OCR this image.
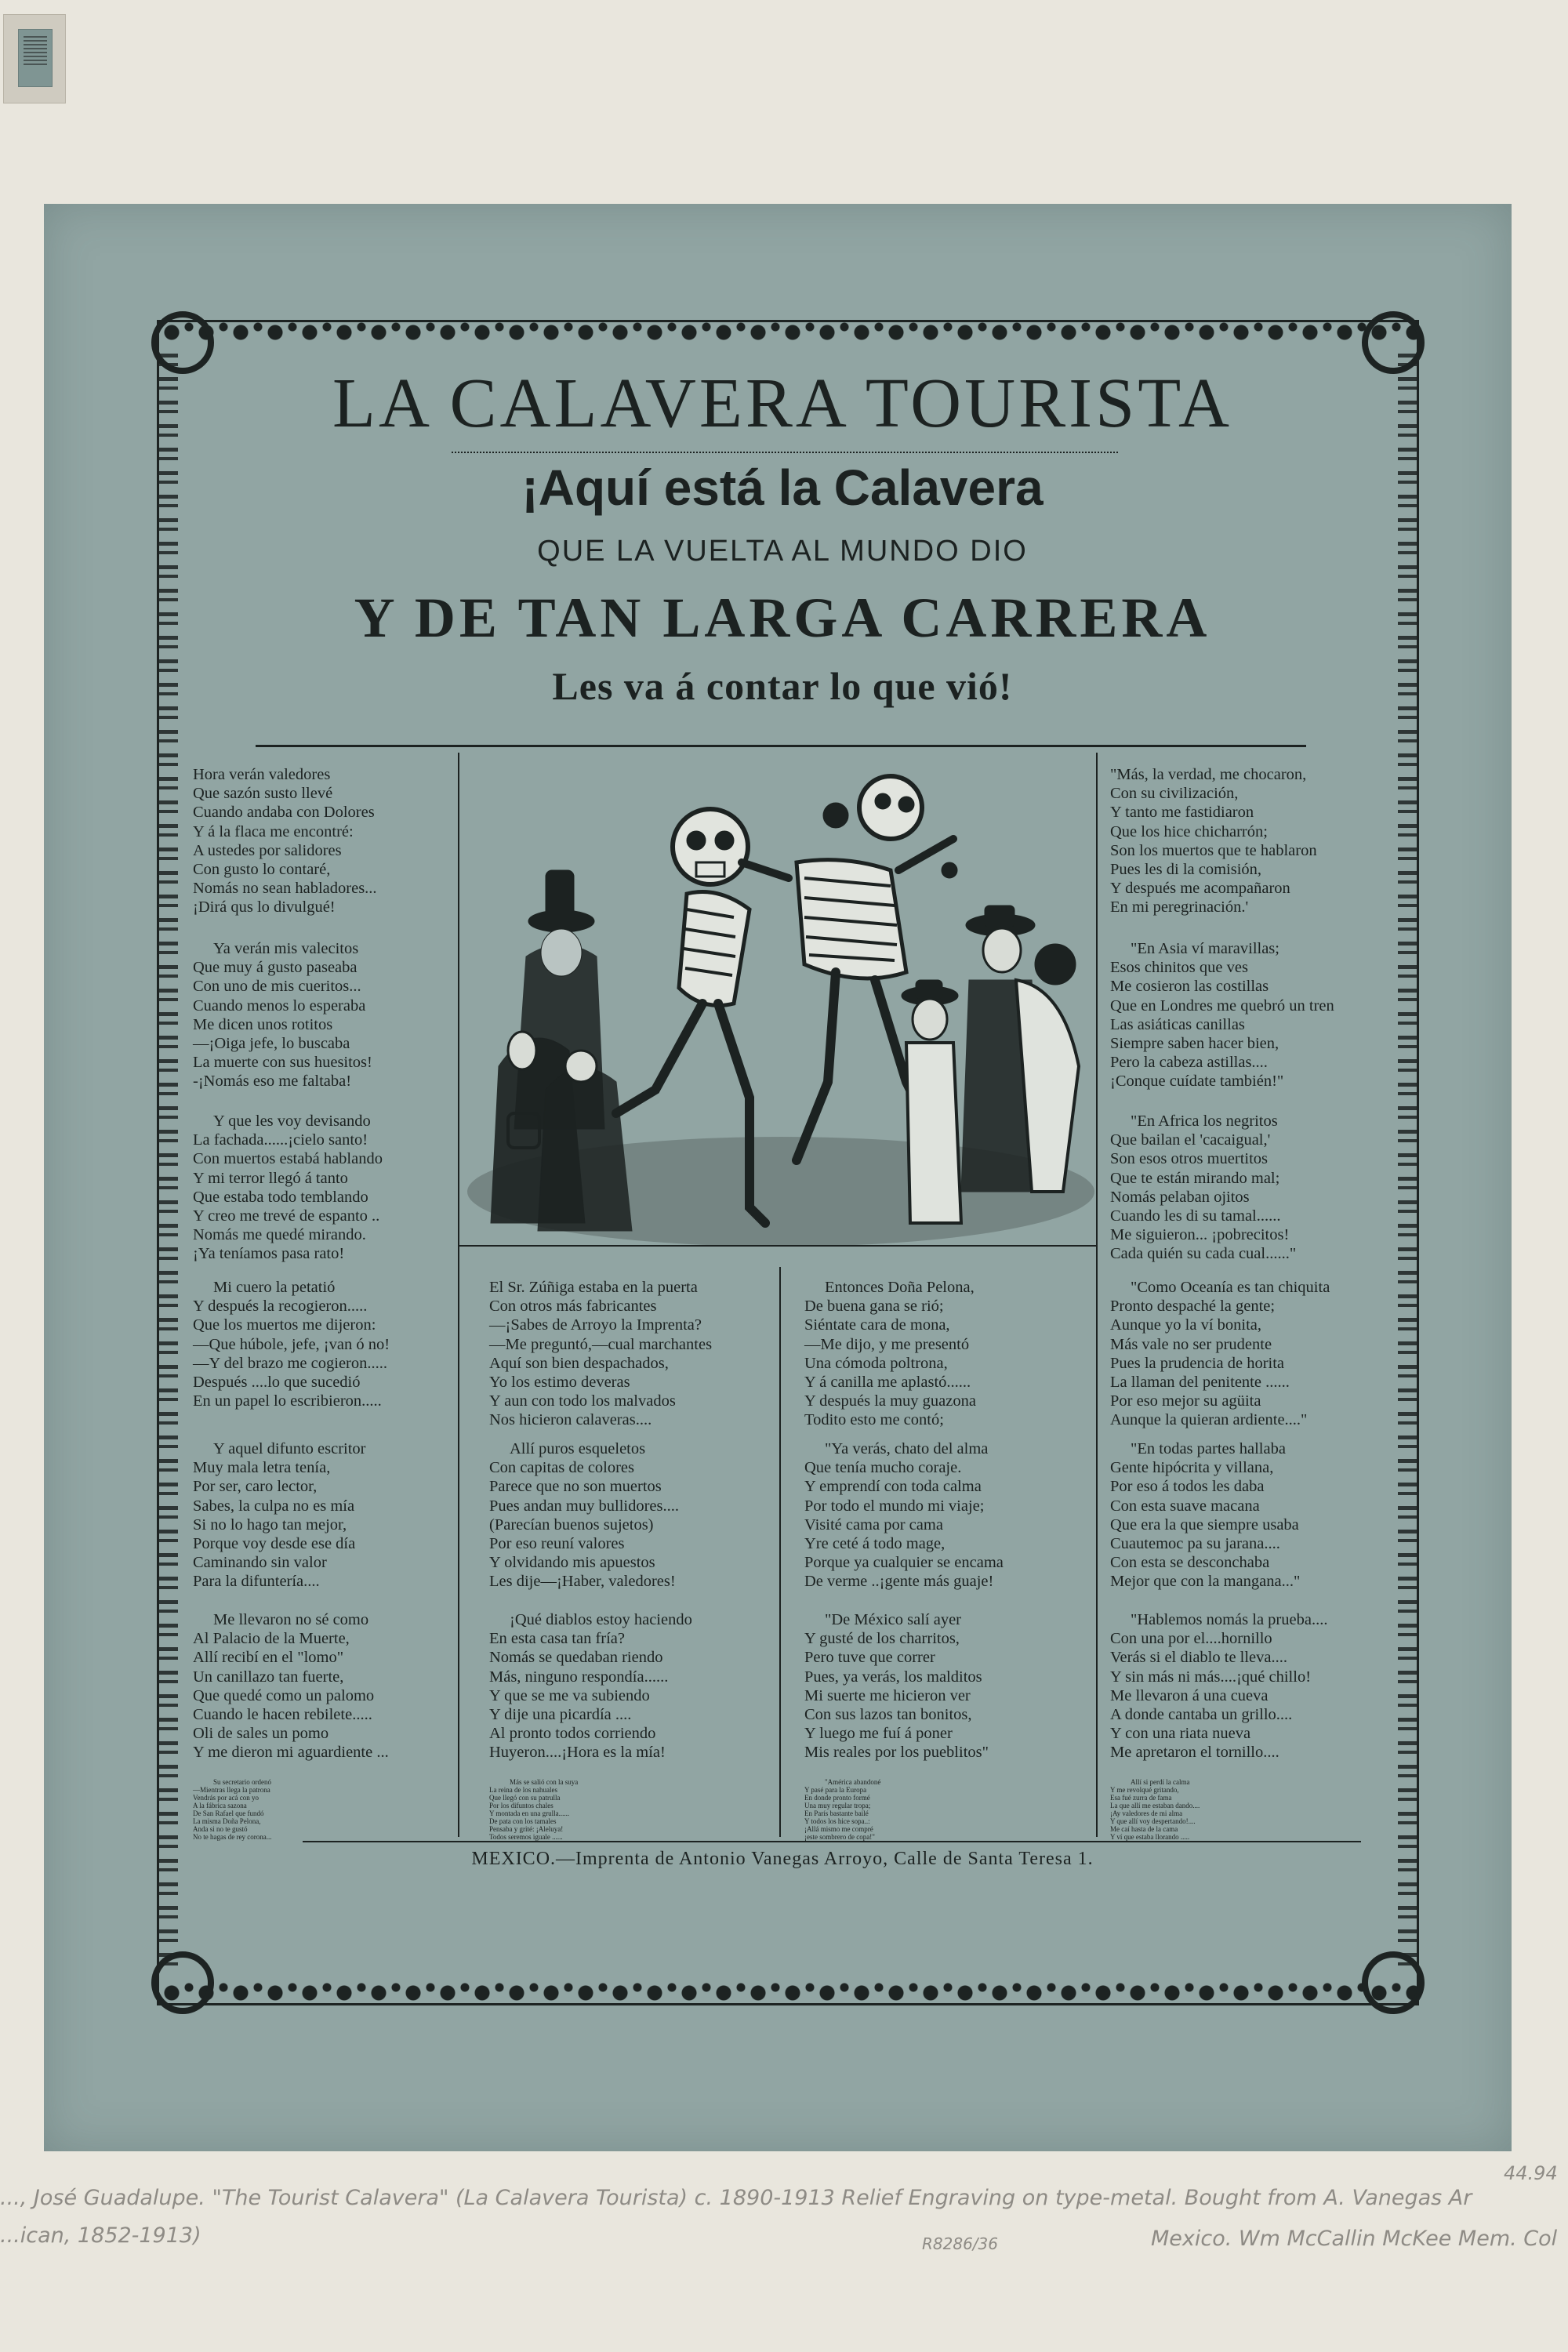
LA CALAVERA TOURISTA
¡Aquí está la Calavera
QUE LA VUELTA AL MUNDO DIO
Y DE TAN LARGA CARRERA
Les va á contar lo que vió!
Hora verán valedores
Que sazón susto llevé
Cuando andaba con Dolores
Y á la flaca me encontré:
A ustedes por salidores
Con gusto lo contaré,
Nomás no sean habladores...
¡Dirá qus lo divulgué!
Ya verán mis valecitos
Que muy á gusto paseaba
Con uno de mis cueritos...
Cuando menos lo esperaba
Me dicen unos rotitos
—¡Oiga jefe, lo buscaba
La muerte con sus huesitos!
-¡Nomás eso me faltaba!
Y que les voy devisando
La fachada......¡cielo santo!
Con muertos estabá hablando
Y mi terror llegó á tanto
Que estaba todo temblando
Y creo me trevé de espanto ..
Nomás me quedé mirando.
¡Ya teníamos pasa rato!
"Más, la verdad, me chocaron,
Con su civilización,
Y tanto me fastidiaron
Que los hice chicharrón;
Son los muertos que te hablaron
Pues les di la comisión,
Y después me acompañaron
En mi peregrinación.'
"En Asia ví maravillas;
Esos chinitos que ves
Me cosieron las costillas
Que en Londres me quebró un tren
Las asiáticas canillas
Siempre saben hacer bien,
Pero la cabeza astillas....
¡Conque cuídate también!"
"En Africa los negritos
Que bailan el 'cacaigual,'
Son esos otros muertitos
Que te están mirando mal;
Nomás pelaban ojitos
Cuando les di su tamal......
Me siguieron... ¡pobrecitos!
Cada quién su cada cual......"
Mi cuero la petatió
Y después la recogieron.....
Que los muertos me dijeron:
—Que húbole, jefe, ¡van ó no!
—Y del brazo me cogieron.....
Después ....lo que sucedió
En un papel lo escribieron.....
Y aquel difunto escritor
Muy mala letra tenía,
Por ser, caro lector,
Sabes, la culpa no es mía
Si no lo hago tan mejor,
Porque voy desde ese día
Caminando sin valor
Para la difuntería....
Me llevaron no sé como
Al Palacio de la Muerte,
Allí recibí en el "lomo"
Un canillazo tan fuerte,
Que quedé como un palomo
Cuando le hacen rebilete.....
Oli de sales un pomo
Y me dieron mi aguardiente ...
Su secretario ordenó
—Mientras llega la patrona
Vendrás por acá con yo
A la fábrica sazona
De San Rafael que fundó
La misma Doña Pelona,
Anda si no te gustó
No te hagas de rey corona...
El Sr. Zúñiga estaba en la puerta
Con otros más fabricantes
—¡Sabes de Arroyo la Imprenta?
—Me preguntó,—cual marchantes
Aquí son bien despachados,
Yo los estimo deveras
Y aun con todo los malvados
Nos hicieron calaveras....
Allí puros esqueletos
Con capitas de colores
Parece que no son muertos
Pues andan muy bullidores....
(Parecían buenos sujetos)
Por eso reuní valores
Y olvidando mis apuestos
Les dije—¡Haber, valedores!
¡Qué diablos estoy haciendo
En esta casa tan fría?
Nomás se quedaban riendo
Más, ninguno respondía......
Y que se me va subiendo
Y dije una picardía ....
Al pronto todos corriendo
Huyeron....¡Hora es la mía!
Más se salió con la suya
La reina de los nahuales
Que llegó con su patrulla
Por los difuntos chales
Y montada en una grulla......
De pata con los tamales
Pensaba y grité: ¡Aleluya!
Todos seremos iguale ......
Entonces Doña Pelona,
De buena gana se rió;
Siéntate cara de mona,
—Me dijo, y me presentó
Una cómoda poltrona,
Y á canilla me aplastó......
Y después la muy guazona
Todito esto me contó;
"Ya verás, chato del alma
Que tenía mucho coraje.
Y emprendí con toda calma
Por todo el mundo mi viaje;
Visité cama por cama
Yre ceté á todo mage,
Porque ya cualquier se encama
De verme ..¡gente más guaje!
"De México salí ayer
Y gusté de los charritos,
Pero tuve que correr
Pues, ya verás, los malditos
Mi suerte me hicieron ver
Con sus lazos tan bonitos,
Y luego me fuí á poner
Mis reales por los pueblitos"
"América abandoné
Y pasé para la Europa
En donde pronto formé
Una muy regular tropa;
En París bastante bailé
Y todos los hice sopa..:
¡Allá mismo me compré
¡este sombrero de copa!"
"Como Oceanía es tan chiquita
Pronto despaché la gente;
Aunque yo la ví bonita,
Más vale no ser prudente
Pues la prudencia de horita
La llaman del penitente ......
Por eso mejor su agüita
Aunque la quieran ardiente...."
"En todas partes hallaba
Gente hipócrita y villana,
Por eso á todos les daba
Con esta suave macana
Que era la que siempre usaba
Cuautemoc pa su jarana....
Con esta se desconchaba
Mejor que con la mangana..."
"Hablemos nomás la prueba....
Con una por el....hornillo
Verás si el diablo te lleva....
Y sin más ni más....¡qué chillo!
Me llevaron á una cueva
A donde cantaba un grillo....
Y con una riata nueva
Me apretaron el tornillo....
Allí si perdí la calma
Y me revolqué gritando,
Esa fué zurra de fama
La que allí me estaban dando....
¡Ay valedores de mi alma
Y que allí voy despertando!....
Me caí hasta de la cama
Y ví que estaba llorando .....
MEXICO.—Imprenta de Antonio Vanegas Arroyo, Calle de Santa Teresa 1.
44.94
..., José Guadalupe. "The Tourist Calavera" (La Calavera Tourista) c. 1890-1913 Relief Engraving on type-metal. Bought from A. Vanegas Ar
...ican, 1852-1913)	R8286/36	Mexico. Wm McCallin McKee Mem. Col
